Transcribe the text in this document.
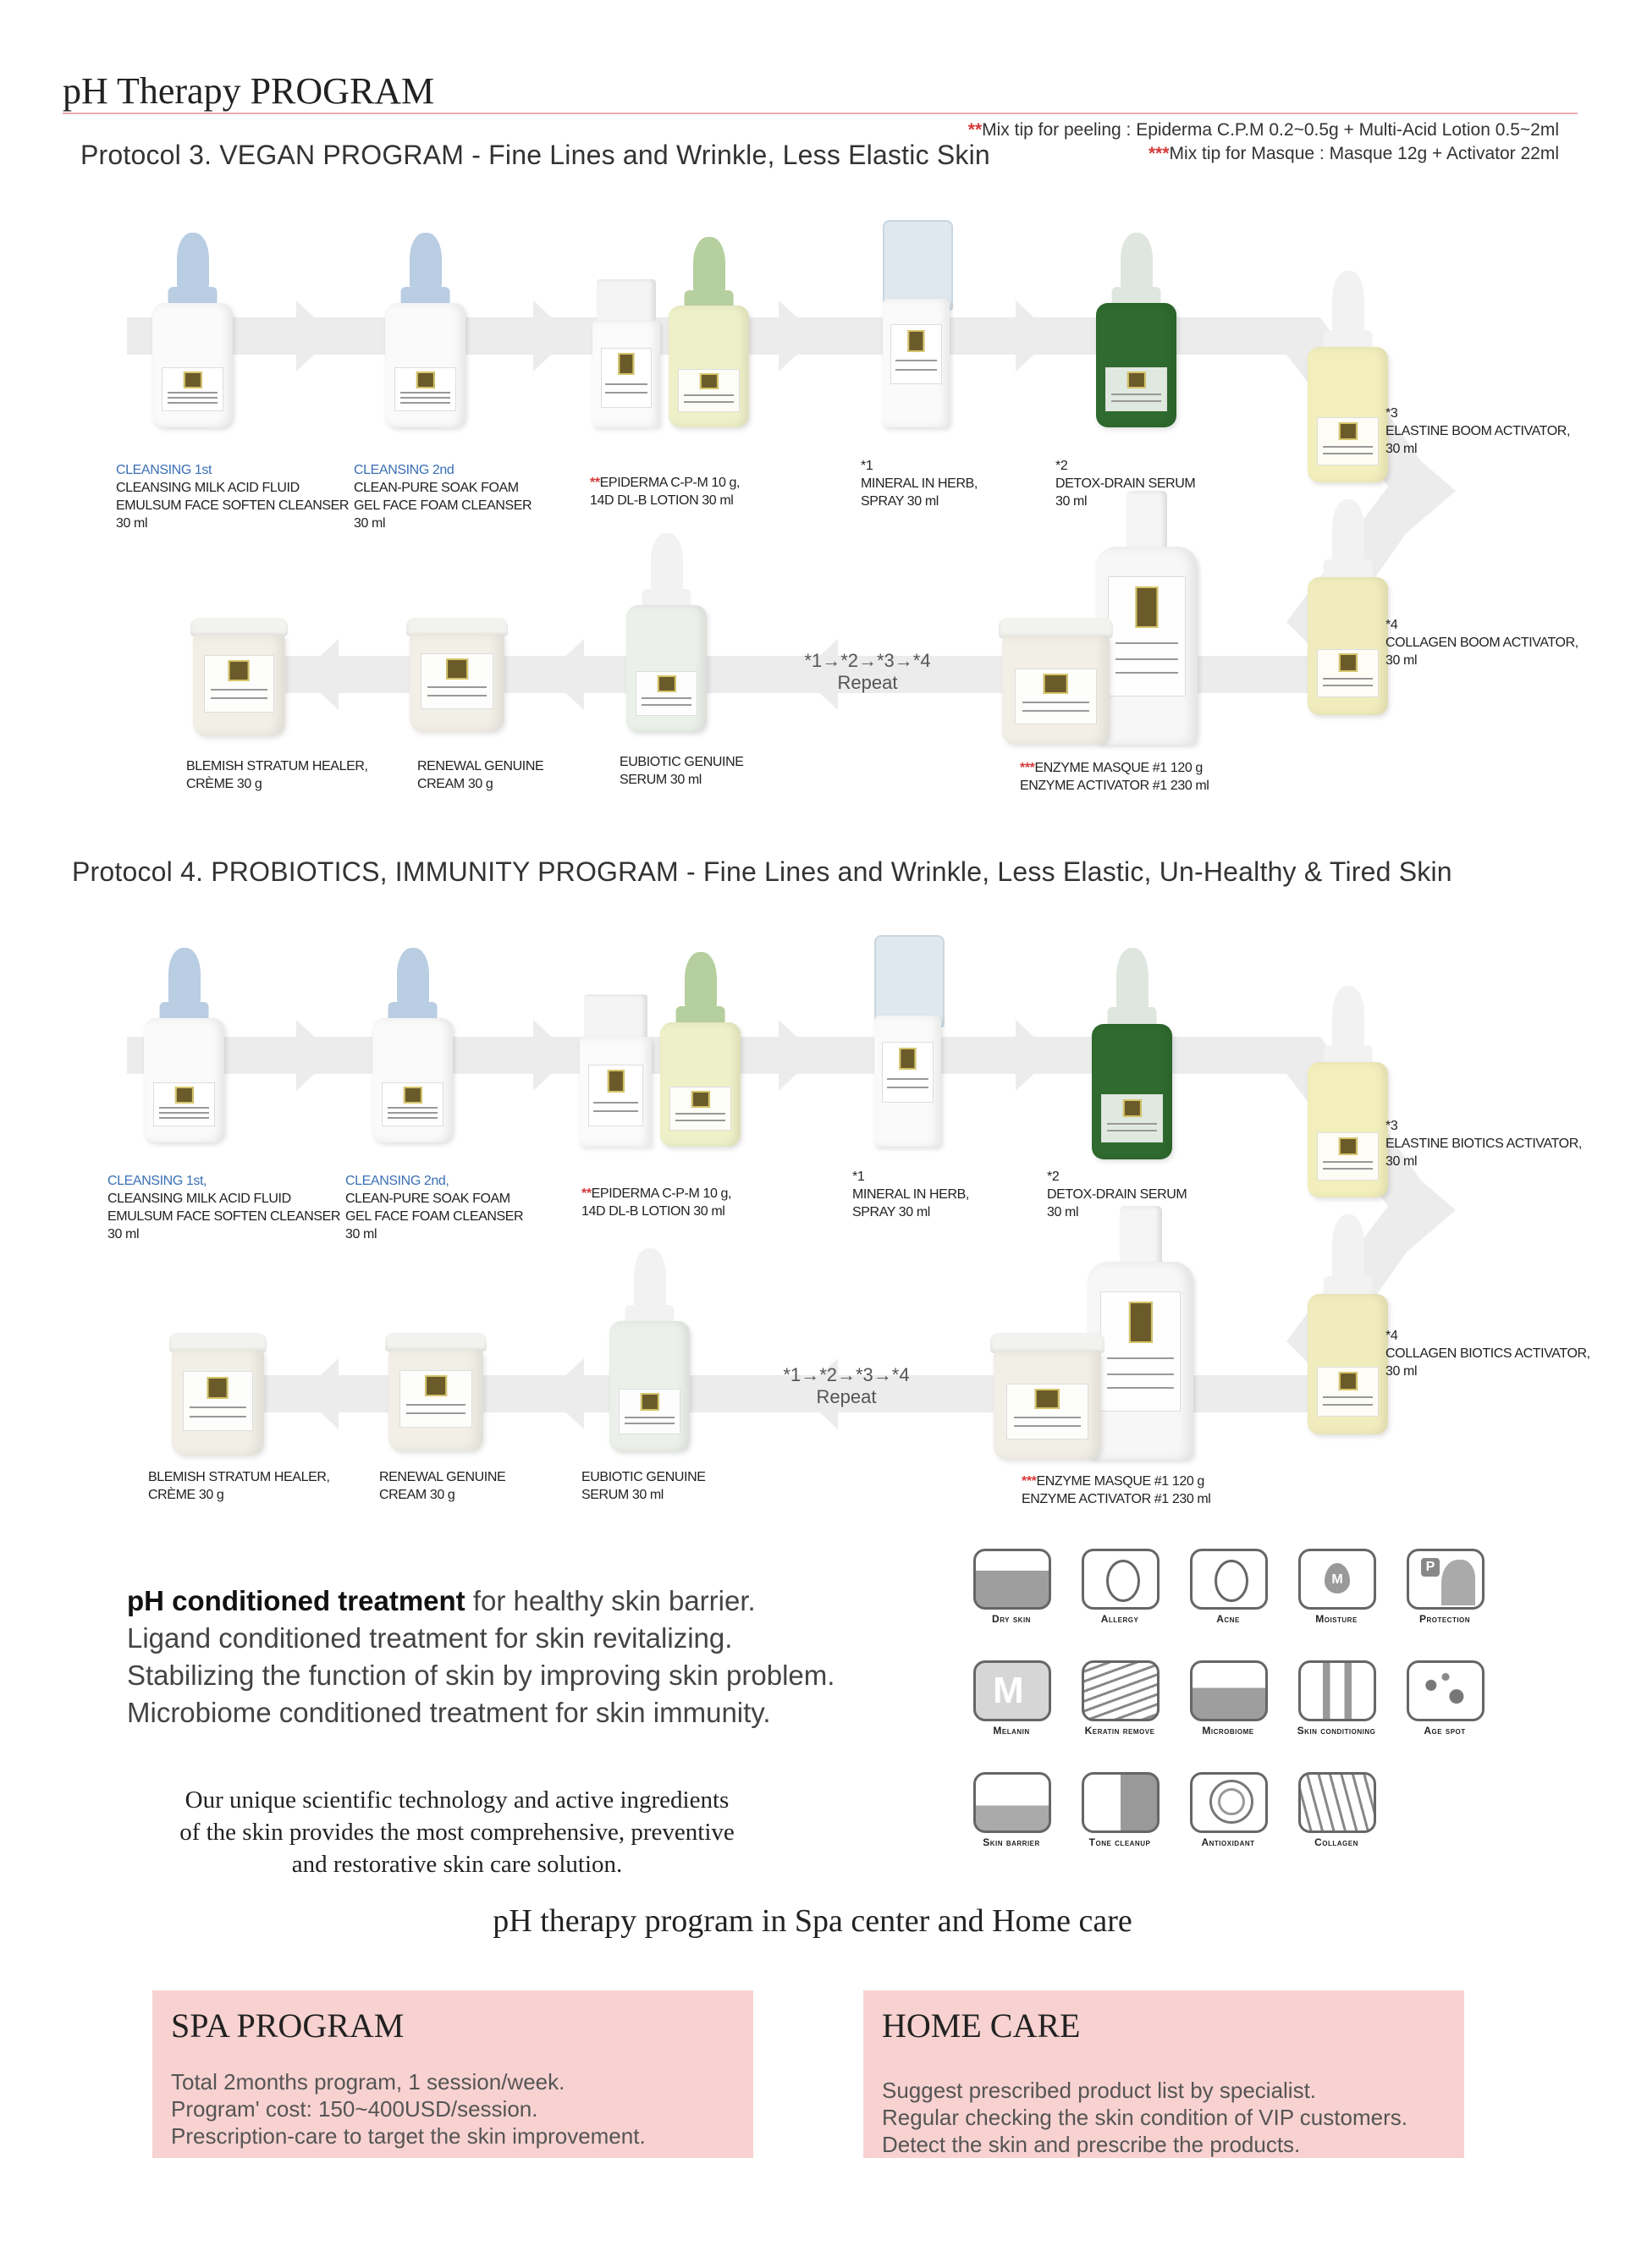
pH Therapy PROGRAM
**Mix tip for peeling : Epiderma C.P.M 0.2~0.5g + Multi-Acid Lotion 0.5~2ml
***Mix tip for Masque : Masque 12g + Activator 22ml
Protocol 3. VEGAN PROGRAM - Fine Lines and Wrinkle, Less Elastic Skin
CLEANSING 1st
CLEANSING MILK ACID FLUID
EMULSUM FACE SOFTEN CLEANSER
30 ml
CLEANSING 2nd
CLEAN-PURE SOAK FOAM
GEL FACE FOAM CLEANSER
30 ml
**EPIDERMA C-P-M 10 g,
14D DL-B LOTION 30 ml
*1
MINERAL IN HERB,
SPRAY 30 ml
*2
DETOX-DRAIN SERUM
30 ml
*3
ELASTINE BOOM ACTIVATOR,
30 ml
*4
COLLAGEN BOOM ACTIVATOR,
30 ml
***ENZYME MASQUE #1 120 g
ENZYME ACTIVATOR #1 230 ml
EUBIOTIC GENUINE
SERUM 30 ml
RENEWAL GENUINE
CREAM 30 g
BLEMISH STRATUM HEALER,
CRÈME 30 g
*1→*2→*3→*4
Repeat
Protocol 4. PROBIOTICS, IMMUNITY PROGRAM - Fine Lines and Wrinkle, Less Elastic, Un-Healthy & Tired Skin
CLEANSING 1st,
CLEANSING MILK ACID FLUID
EMULSUM FACE SOFTEN CLEANSER
30 ml
CLEANSING 2nd,
CLEAN-PURE SOAK FOAM
GEL FACE FOAM CLEANSER
30 ml
**EPIDERMA C-P-M 10 g,
14D DL-B LOTION 30 ml
*1
MINERAL IN HERB,
SPRAY 30 ml
*2
DETOX-DRAIN SERUM
30 ml
*3
ELASTINE BIOTICS ACTIVATOR,
30 ml
*4
COLLAGEN BIOTICS ACTIVATOR,
30 ml
***ENZYME MASQUE #1 120 g
ENZYME ACTIVATOR #1 230 ml
EUBIOTIC GENUINE
SERUM 30 ml
RENEWAL GENUINE
CREAM 30 g
BLEMISH STRATUM HEALER,
CRÈME 30 g
*1→*2→*3→*4
Repeat
pH conditioned treatment for healthy skin barrier.
Ligand conditioned treatment for skin revitalizing.
Stabilizing the function of skin by improving skin problem.
Microbiome conditioned treatment for skin immunity.
Our unique scientific technology and active ingredients
of the skin provides the most comprehensive, preventive
and restorative skin care solution.
Dry skin	Allergy	Acne
M
Moisture
P
Protection
M
Melanin	Keratin remove	Microbiome	Skin conditioning	Age spot
Skin barrier	Tone cleanup	Antioxidant	Collagen
pH therapy program in Spa center and Home care
SPA PROGRAM
Total 2months program, 1 session/week.
Program' cost: 150~400USD/session.
Prescription-care to target the skin improvement.
HOME CARE
Suggest prescribed product list by specialist.
Regular checking the skin condition of VIP customers.
Detect the skin and prescribe the products.
